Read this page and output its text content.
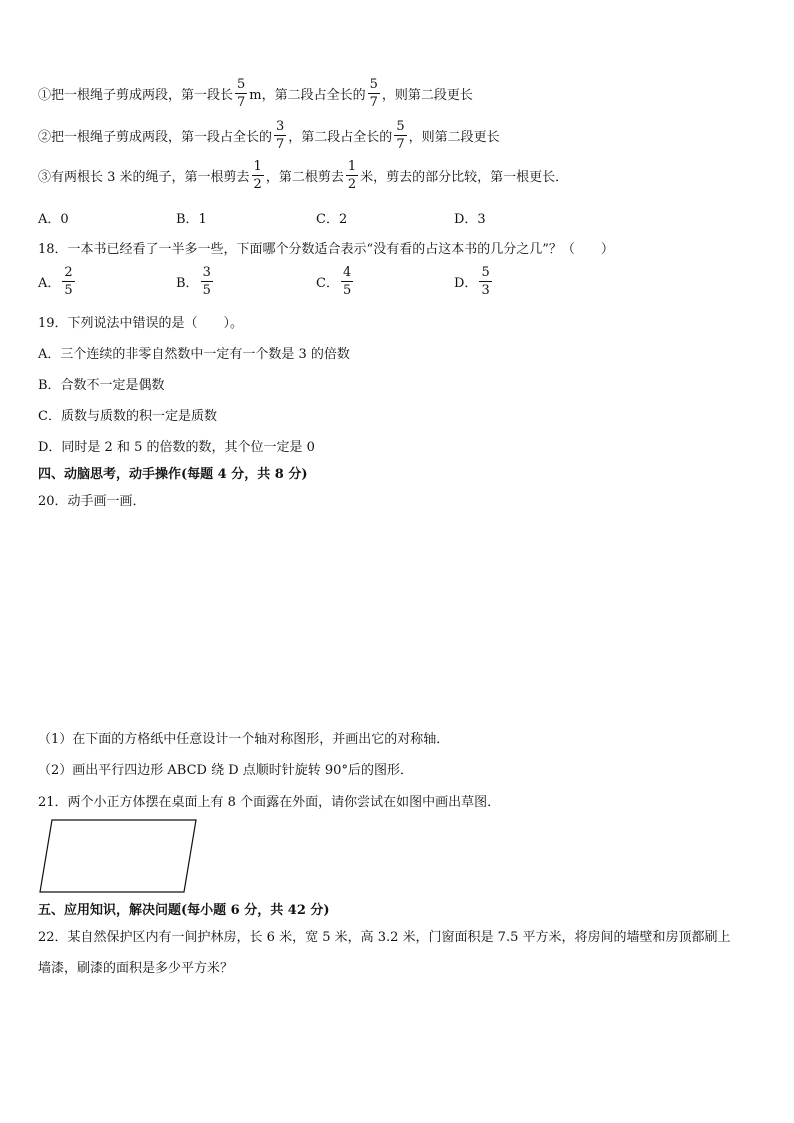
①把一根绳子剪成两段，第一段长 $\frac{5}{7}$ m，第二段占全长的 $\frac{5}{7}$ ，则第二段更长
②把一根绳子剪成两段，第一段占全长的 $\frac{3}{7}$ ，第二段占全长的 $\frac{5}{7}$ ，则第二段更长
③有两根长 3 米的绳子，第一根剪去 $\frac{1}{2}$ ，第二根剪去 $\frac{1}{2}$ 米，剪去的部分比较，第一根更长．
A．0	B．1	C．2	D．3
18．一本书已经看了一半多一些，下面哪个分数适合表示“没有看的占这本书的几分之几”？（　　）
A． $\frac{2}{5}$	B． $\frac{3}{5}$	C． $\frac{4}{5}$	D． $\frac{5}{3}$
19．下列说法中错误的是（　　）。
A．三个连续的非零自然数中一定有一个数是 3 的倍数
B．合数不一定是偶数
C．质数与质数的积一定是质数
D．同时是 2 和 5 的倍数的数，其个位一定是 0
四、动脑思考，动手操作(每题 4 分，共 8 分)
20．动手画一画．
（1）在下面的方格纸中任意设计一个轴对称图形，并画出它的对称轴．
（2）画出平行四边形 ABCD 绕 D 点顺时针旋转 90°后的图形．
21．两个小正方体摆在桌面上有 8 个面露在外面，请你尝试在如图中画出草图．
五、应用知识，解决问题(每小题 6 分，共 42 分)
22．某自然保护区内有一间护林房，长 6 米，宽 5 米，高 3.2 米，门窗面积是 7.5 平方米，将房间的墙壁和房顶都刷上
墙漆，刷漆的面积是多少平方米？
